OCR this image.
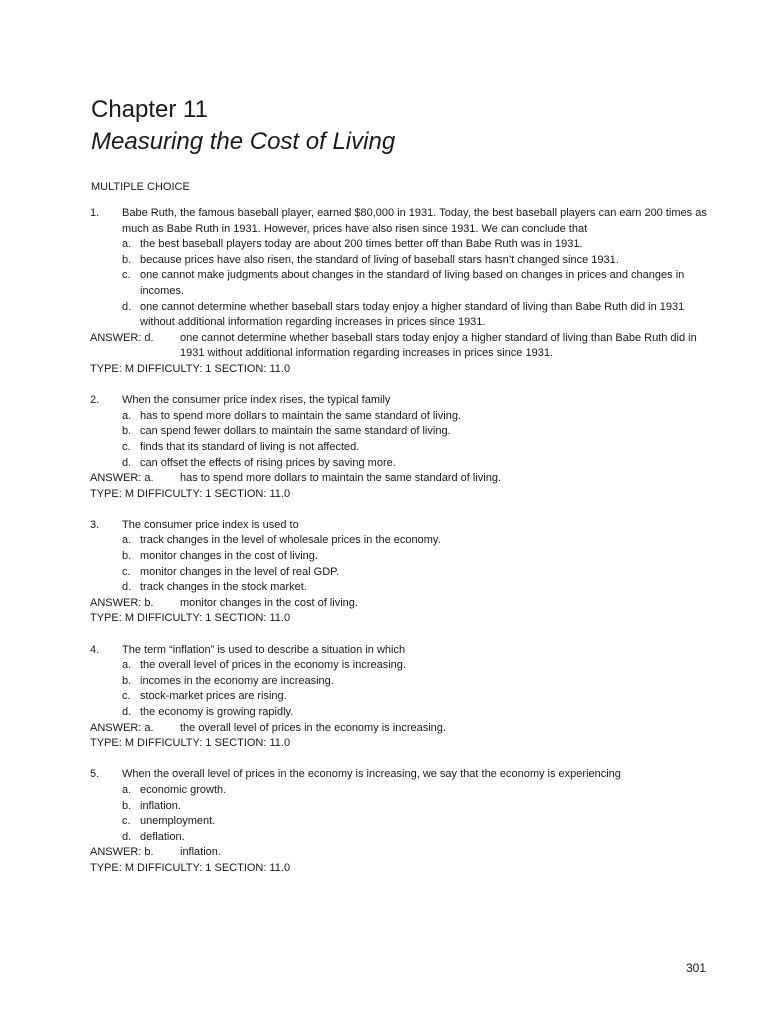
Chapter 11
Measuring the Cost of Living
MULTIPLE CHOICE
1. Babe Ruth, the famous baseball player, earned $80,000 in 1931. Today, the best baseball players can earn 200 times as much as Babe Ruth in 1931. However, prices have also risen since 1931. We can conclude that
a. the best baseball players today are about 200 times better off than Babe Ruth was in 1931.
b. because prices have also risen, the standard of living of baseball stars hasn’t changed since 1931.
c. one cannot make judgments about changes in the standard of living based on changes in prices and changes in incomes.
d. one cannot determine whether baseball stars today enjoy a higher standard of living than Babe Ruth did in 1931 without additional information regarding increases in prices since 1931.
ANSWER: d. one cannot determine whether baseball stars today enjoy a higher standard of living than Babe Ruth did in 1931 without additional information regarding increases in prices since 1931.
TYPE: M DIFFICULTY: 1 SECTION: 11.0
2. When the consumer price index rises, the typical family
a. has to spend more dollars to maintain the same standard of living.
b. can spend fewer dollars to maintain the same standard of living.
c. finds that its standard of living is not affected.
d. can offset the effects of rising prices by saving more.
ANSWER: a. has to spend more dollars to maintain the same standard of living.
TYPE: M DIFFICULTY: 1 SECTION: 11.0
3. The consumer price index is used to
a. track changes in the level of wholesale prices in the economy.
b. monitor changes in the cost of living.
c. monitor changes in the level of real GDP.
d. track changes in the stock market.
ANSWER: b. monitor changes in the cost of living.
TYPE: M DIFFICULTY: 1 SECTION: 11.0
4. The term “inflation” is used to describe a situation in which
a. the overall level of prices in the economy is increasing.
b. incomes in the economy are increasing.
c. stock-market prices are rising.
d. the economy is growing rapidly.
ANSWER: a. the overall level of prices in the economy is increasing.
TYPE: M DIFFICULTY: 1 SECTION: 11.0
5. When the overall level of prices in the economy is increasing, we say that the economy is experiencing
a. economic growth.
b. inflation.
c. unemployment.
d. deflation.
ANSWER: b. inflation.
TYPE: M DIFFICULTY: 1 SECTION: 11.0
301
